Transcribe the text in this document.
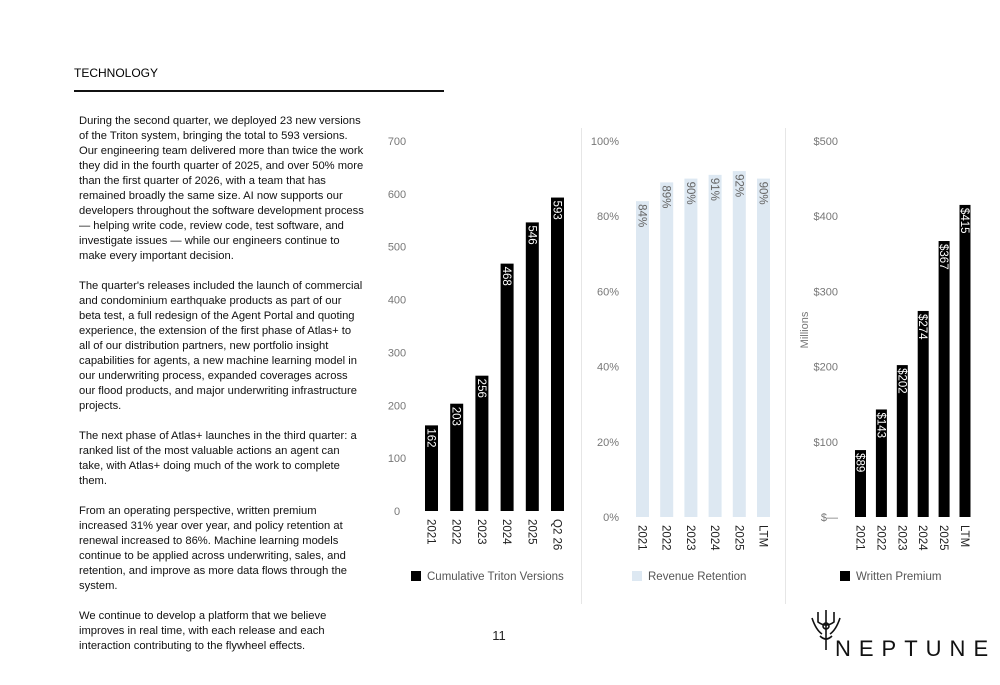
TECHNOLOGY

During the second quarter, we deployed 23 new versions of the Triton system, bringing the total to 593 versions. Our engineering team delivered more than twice the work they did in the fourth quarter of 2025, and over 50% more than the first quarter of 2026, with a team that has remained broadly the same size. AI now supports our developers throughout the software development process — helping write code, review code, test software, and investigate issues — while our engineers continue to make every important decision.

The quarter's releases included the launch of commercial and condominium earthquake products as part of our beta test, a full redesign of the Agent Portal and quoting experience, the extension of the first phase of Atlas+ to all of our distribution partners, new portfolio insight capabilities for agents, a new machine learning model in our underwriting process, expanded coverages across our flood products, and major underwriting infrastructure projects.

The next phase of Atlas+ launches in the third quarter: a ranked list of the most valuable actions an agent can take, with Atlas+ doing much of the work to complete them.

From an operating perspective, written premium increased 31% year over year, and policy retention at renewal increased to 86%. Machine learning models continue to be applied across underwriting, sales, and retention, and improve as more data flows through the system.

We continue to develop a platform that we believe improves in real time, with each release and each interaction contributing to the flywheel effects.

0
100
200
300
400
500
600
700
162
2021
203
2022
256
2023
468
2024
546
2025
593
Q2 26
Cumulative Triton Versions
0%
20%
40%
60%
80%
100%
84%
2021
89%
2022
90%
2023
91%
2024
92%
2025
90%
LTM
Revenue Retention
$—
$100
$200
$300
$400
$500
Millions
$89
2021
$143
2022
$202
2023
$274
2024
$367
2025
$415
LTM
Written Premium
11
NEPTUNE
